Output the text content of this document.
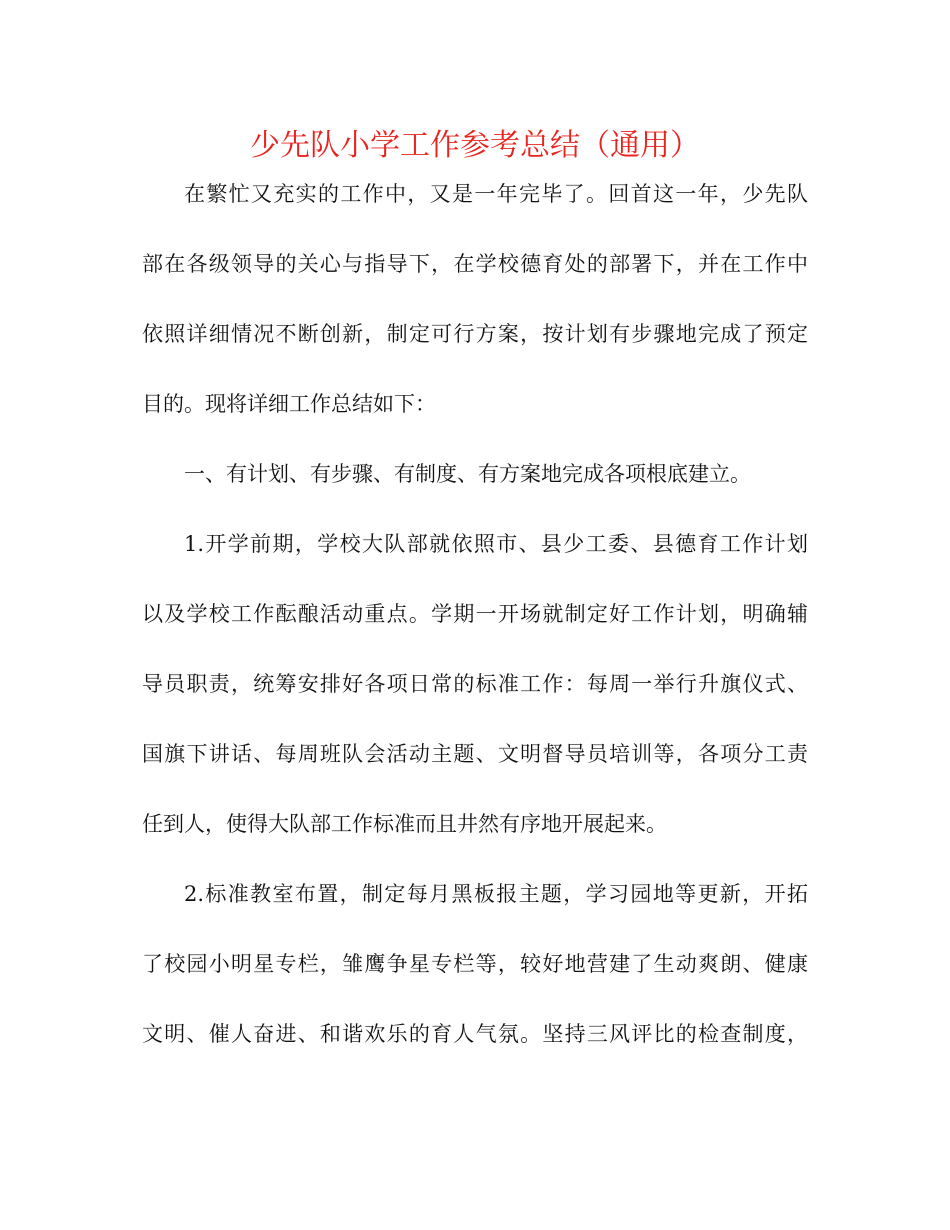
少先队小学工作参考总结（通用）
在繁忙又充实的工作中，又是一年完毕了。回首这一年，少先队
部在各级领导的关心与指导下，在学校德育处的部署下，并在工作中
依照详细情况不断创新，制定可行方案，按计划有步骤地完成了预定
目的。现将详细工作总结如下：
一、有计划、有步骤、有制度、有方案地完成各项根底建立。
1.开学前期，学校大队部就依照市、县少工委、县德育工作计划
以及学校工作酝酿活动重点。学期一开场就制定好工作计划，明确辅
导员职责，统筹安排好各项日常的标准工作：每周一举行升旗仪式、
国旗下讲话、每周班队会活动主题、文明督导员培训等，各项分工责
任到人，使得大队部工作标准而且井然有序地开展起来。
2.标准教室布置，制定每月黑板报主题，学习园地等更新，开拓
了校园小明星专栏，雏鹰争星专栏等，较好地营建了生动爽朗、健康
文明、催人奋进、和谐欢乐的育人气氛。坚持三风评比的检查制度，
